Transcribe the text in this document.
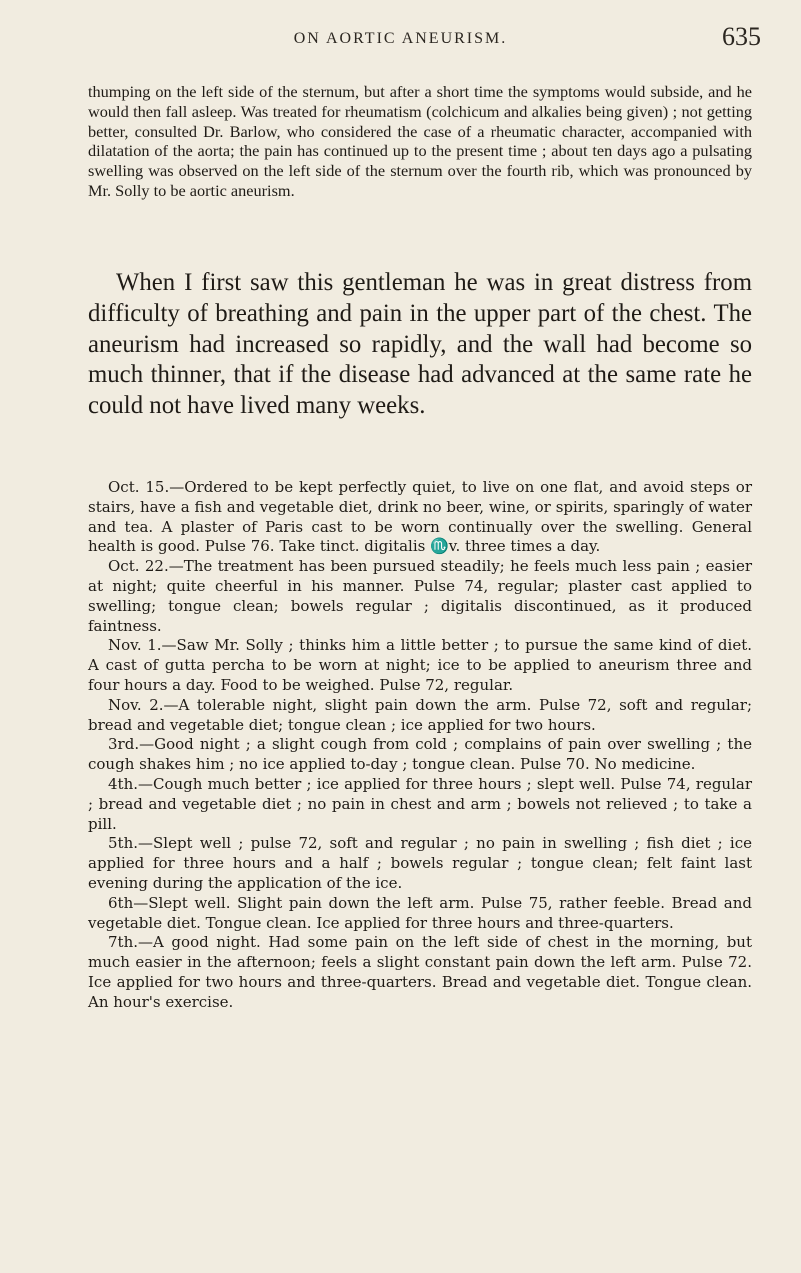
ON AORTIC ANEURISM.	635

thumping on the left side of the sternum, but after a short time the symptoms would subside, and he would then fall asleep. Was treated for rheumatism (colchicum and alkalies being given) ; not getting better, consulted Dr. Barlow, who considered the case of a rheumatic character, accompanied with dilatation of the aorta; the pain has continued up to the present time ; about ten days ago a pulsating swelling was observed on the left side of the sternum over the fourth rib, which was pronounced by Mr. Solly to be aortic aneurism.

When I first saw this gentleman he was in great distress from difficulty of breathing and pain in the upper part of the chest. The aneurism had increased so rapidly, and the wall had become so much thinner, that if the disease had advanced at the same rate he could not have lived many weeks.

Oct. 15.—Ordered to be kept perfectly quiet, to live on one flat, and avoid steps or stairs, have a fish and vegetable diet, drink no beer, wine, or spirits, sparingly of water and tea. A plaster of Paris cast to be worn continually over the swelling. General health is good. Pulse 76. Take tinct. digitalis ♏v. three times a day.

Oct. 22.—The treatment has been pursued steadily; he feels much less pain ; easier at night; quite cheerful in his manner. Pulse 74, regular; plaster cast applied to swelling; tongue clean; bowels regular ; digitalis discontinued, as it produced faintness.

Nov. 1.—Saw Mr. Solly ; thinks him a little better ; to pursue the same kind of diet. A cast of gutta percha to be worn at night; ice to be applied to aneurism three and four hours a day. Food to be weighed. Pulse 72, regular.

Nov. 2.—A tolerable night, slight pain down the arm. Pulse 72, soft and regular; bread and vegetable diet; tongue clean ; ice applied for two hours.

3rd.—Good night ; a slight cough from cold ; complains of pain over swelling ; the cough shakes him ; no ice applied to-day ; tongue clean. Pulse 70. No medicine.

4th.—Cough much better ; ice applied for three hours ; slept well. Pulse 74, regular ; bread and vegetable diet ; no pain in chest and arm ; bowels not relieved ; to take a pill.

5th.—Slept well ; pulse 72, soft and regular ; no pain in swelling ; fish diet ; ice applied for three hours and a half ; bowels regular ; tongue clean; felt faint last evening during the application of the ice.

6th—Slept well. Slight pain down the left arm. Pulse 75, rather feeble. Bread and vegetable diet. Tongue clean. Ice applied for three hours and three-quarters.

7th.—A good night. Had some pain on the left side of chest in the morning, but much easier in the afternoon; feels a slight constant pain down the left arm. Pulse 72. Ice applied for two hours and three-quarters. Bread and vegetable diet. Tongue clean. An hour's exercise.
